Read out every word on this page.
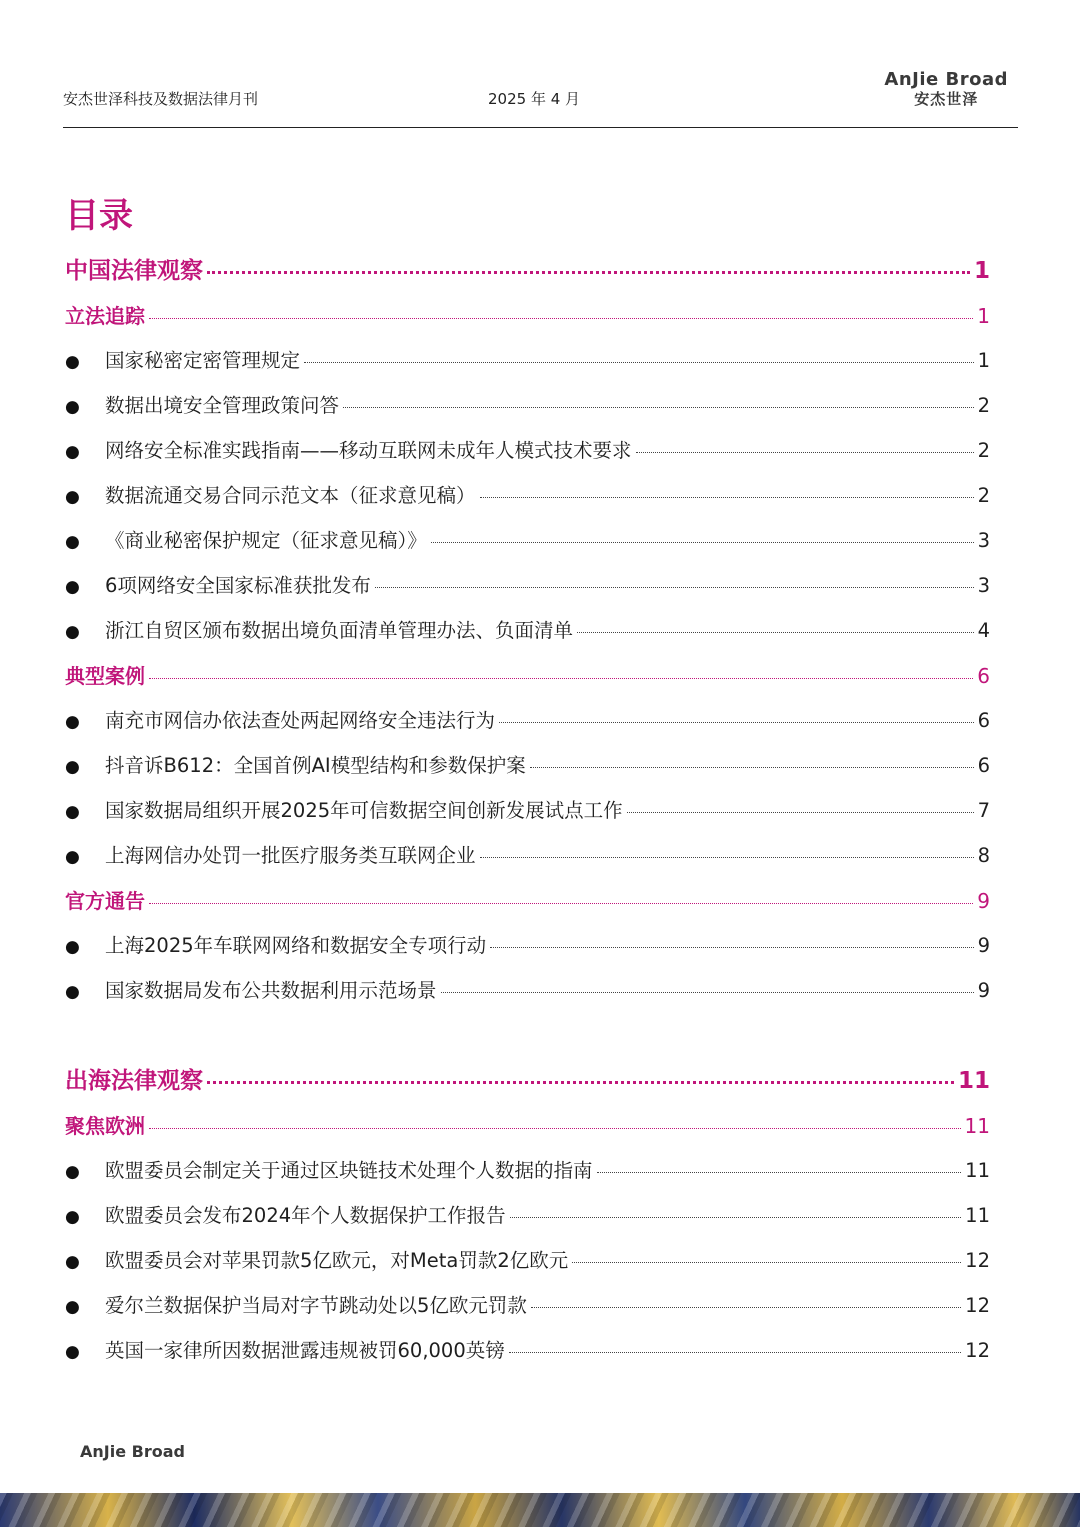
安杰世泽科技及数据法律月刊	2025 年 4 月
AnJie Broad
安杰世泽
目录
中国法律观察	1
立法追踪	1
●	国家秘密定密管理规定	1
●	数据出境安全管理政策问答	2
●	网络安全标准实践指南——移动互联网未成年人模式技术要求	2
●	数据流通交易合同示范文本（征求意见稿）	2
●	《商业秘密保护规定（征求意见稿）》	3
●	6项网络安全国家标准获批发布	3
●	浙江自贸区颁布数据出境负面清单管理办法、负面清单	4
典型案例	6
●	南充市网信办依法查处两起网络安全违法行为	6
●	抖音诉B612：全国首例AI模型结构和参数保护案	6
●	国家数据局组织开展2025年可信数据空间创新发展试点工作	7
●	上海网信办处罚一批医疗服务类互联网企业	8
官方通告	9
●	上海2025年车联网网络和数据安全专项行动	9
●	国家数据局发布公共数据利用示范场景	9
出海法律观察	11
聚焦欧洲	11
●	欧盟委员会制定关于通过区块链技术处理个人数据的指南	11
●	欧盟委员会发布2024年个人数据保护工作报告	11
●	欧盟委员会对苹果罚款5亿欧元，对Meta罚款2亿欧元	12
●	爱尔兰数据保护当局对字节跳动处以5亿欧元罚款	12
●	英国一家律所因数据泄露违规被罚60,000英镑	12
AnJie Broad
